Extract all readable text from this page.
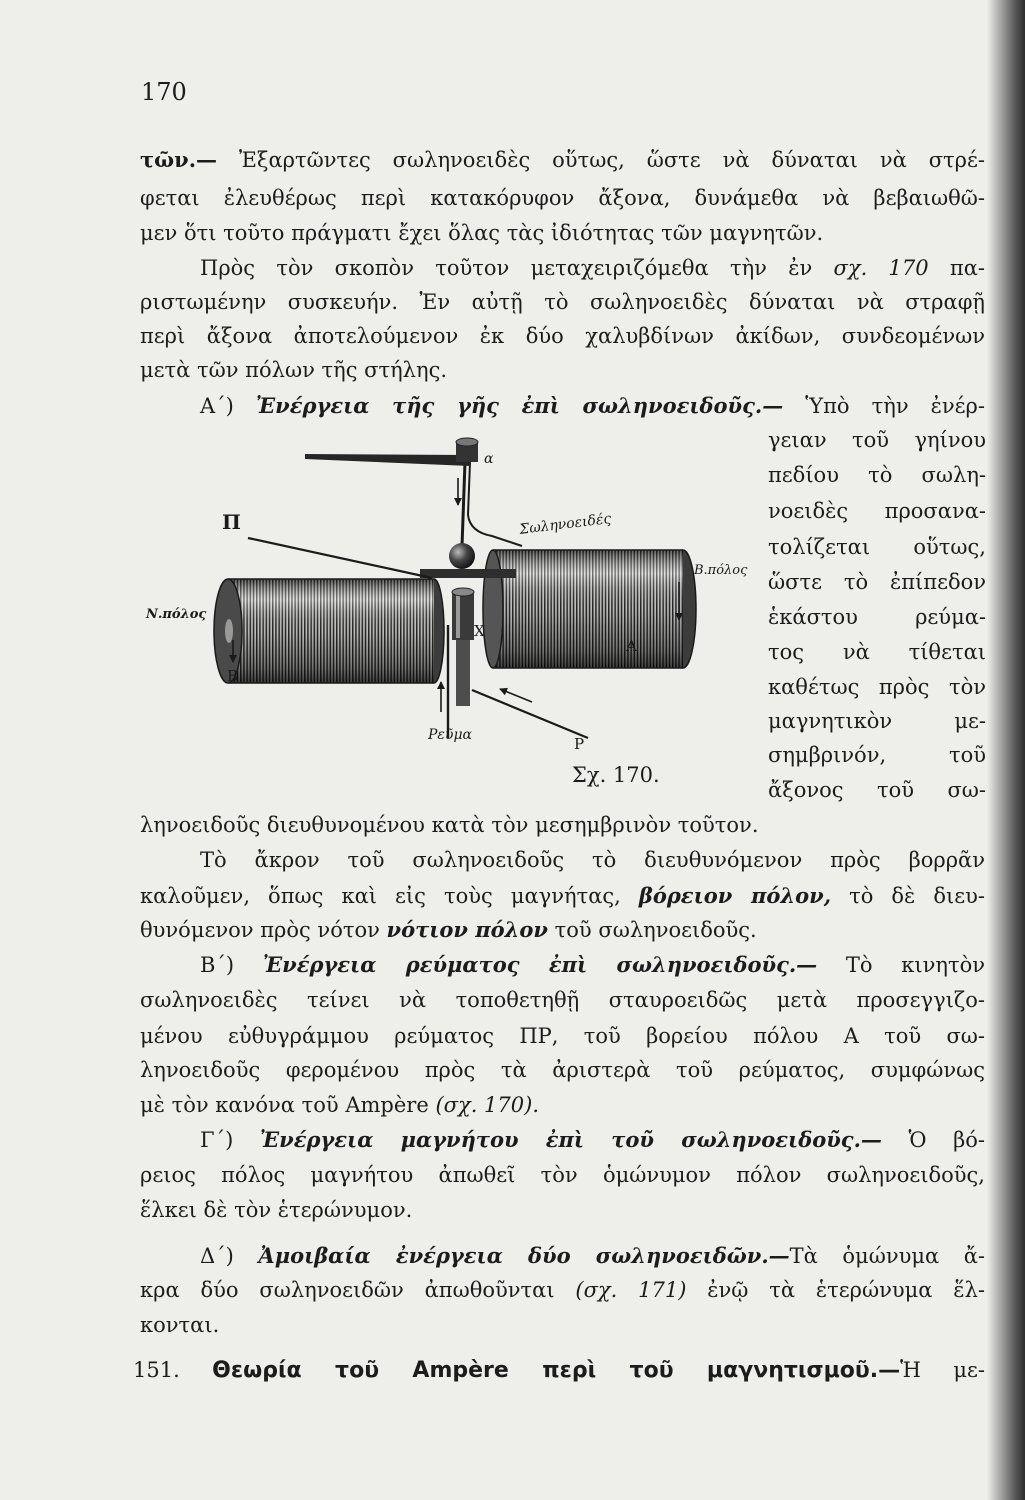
170
τῶν.— Ἐξαρτῶντες σωληνοειδὲς οὕτως, ὥστε νὰ δύναται νὰ στρέ-
φεται ἐλευθέρως περὶ κατακόρυφον ἄξονα, δυνάμεθα νὰ βεβαιωθῶ-
μεν ὅτι τοῦτο πράγματι ἔχει ὅλας τὰς ἰδιότητας τῶν μαγνητῶν.
Πρὸς τὸν σκοπὸν τοῦτον μεταχειριζόμεθα τὴν ἐν σχ. 170 πα-
ριστωμένην συσκευήν. Ἐν αὐτῇ τὸ σωληνοειδὲς δύναται νὰ στραφῇ
περὶ ἄξονα ἀποτελούμενον ἐκ δύο χαλυβδίνων ἀκίδων, συνδεομένων
μετὰ τῶν πόλων τῆς στήλης.
Α΄) Ἐνέργεια τῆς γῆς ἐπὶ σωληνοειδοῦς.— Ὑπὸ τὴν ἐνέρ-
γειαν τοῦ γηίνου
πεδίου τὸ σωλη-
νοειδὲς προσανα-
τολίζεται οὕτως,
ὥστε τὸ ἐπίπεδον
ἑκάστου ρεύμα-
τος νὰ τίθεται
καθέτως πρὸς τὸν
μαγνητικὸν με-
σημβρινόν, τοῦ
ἄξονος τοῦ σω-
Π
α
Σωληνοειδές
Β.πόλος
Ν.πόλος
Χ
Α
Β
Ρεῦμα	Ρ
Σχ. 170.
ληνοειδοῦς διευθυνομένου κατὰ τὸν μεσημβρινὸν τοῦτον.
Τὸ ἄκρον τοῦ σωληνοειδοῦς τὸ διευθυνόμενον πρὸς βορρᾶν
καλοῦμεν, ὅπως καὶ εἰς τοὺς μαγνήτας, βόρειον πόλον, τὸ δὲ διευ-
θυνόμενον πρὸς νότον νότιον πόλον τοῦ σωληνοειδοῦς.
Β΄) Ἐνέργεια ρεύματος ἐπὶ σωληνοειδοῦς.— Τὸ κινητὸν
σωληνοειδὲς τείνει νὰ τοποθετηθῇ σταυροειδῶς μετὰ προσεγγιζο-
μένου εὐθυγράμμου ρεύματος ΠΡ, τοῦ βορείου πόλου Α τοῦ σω-
ληνοειδοῦς φερομένου πρὸς τὰ ἀριστερὰ τοῦ ρεύματος, συμφώνως
μὲ τὸν κανόνα τοῦ Ampère (σχ. 170).
Γ΄) Ἐνέργεια μαγνήτου ἐπὶ τοῦ σωληνοειδοῦς.— Ὁ βό-
ρειος πόλος μαγνήτου ἀπωθεῖ τὸν ὁμώνυμον πόλον σωληνοειδοῦς,
ἕλκει δὲ τὸν ἑτερώνυμον.
Δ΄) Ἀμοιβαία ἐνέργεια δύο σωληνοειδῶν.—Τὰ ὁμώνυμα ἄ-
κρα δύο σωληνοειδῶν ἀπωθοῦνται (σχ. 171) ἐνῷ τὰ ἑτερώνυμα ἕλ-
κονται.
151. Θεωρία τοῦ Ampère περὶ τοῦ μαγνητισμοῦ.—Ἡ με-
